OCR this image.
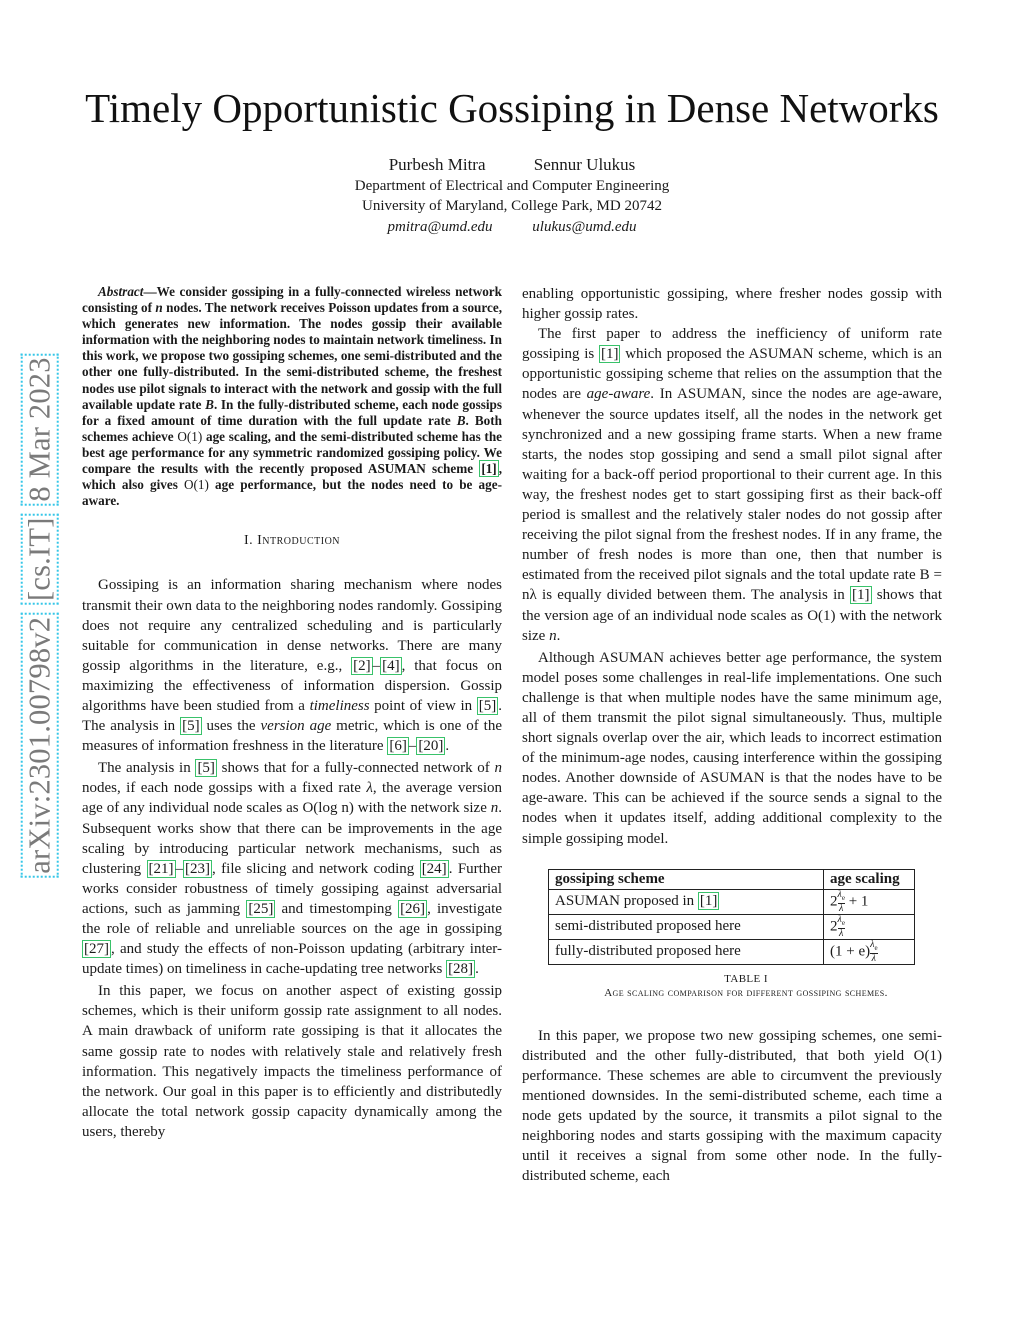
arXiv:2301.00798v2 [cs.IT] 8 Mar 2023
Timely Opportunistic Gossiping in Dense Networks
Purbesh Mitra	Sennur Ulukus
Department of Electrical and Computer Engineering
University of Maryland, College Park, MD 20742
pmitra@umd.edu	ulukus@umd.edu

Abstract—We consider gossiping in a fully-connected wireless network consisting of n nodes. The network receives Poisson updates from a source, which generates new information. The nodes gossip their available information with the neighboring nodes to maintain network timeliness. In this work, we propose two gossiping schemes, one semi-distributed and the other one fully-distributed. In the semi-distributed scheme, the freshest nodes use pilot signals to interact with the network and gossip with the full available update rate B. In the fully-distributed scheme, each node gossips for a fixed amount of time duration with the full update rate B. Both schemes achieve O(1) age scaling, and the semi-distributed scheme has the best age performance for any symmetric randomized gossiping policy. We compare the results with the recently proposed ASUMAN scheme [1] , which also gives O(1) age performance, but the nodes need to be age-aware.

I. Introduction

Gossiping is an information sharing mechanism where nodes transmit their own data to the neighboring nodes randomly. Gossiping does not require any centralized scheduling and is particularly suitable for communication in dense networks. There are many gossip algorithms in the literature, e.g., [2] – [4] , that focus on maximizing the effectiveness of information dispersion. Gossip algorithms have been studied from a timeliness point of view in [5] . The analysis in [5] uses the version age metric, which is one of the measures of information freshness in the literature [6] – [20] .

The analysis in [5] shows that for a fully-connected network of n nodes, if each node gossips with a fixed rate λ, the average version age of any individual node scales as O(log n) with the network size n. Subsequent works show that there can be improvements in the age scaling by introducing particular network mechanisms, such as clustering [21] – [23] , file slicing and network coding [24] . Further works consider robustness of timely gossiping against adversarial actions, such as jamming [25] and timestomping [26] , investigate the role of reliable and unreliable sources on the age in gossiping [27] , and study the effects of non-Poisson updating (arbitrary inter-update times) on timeliness in cache-updating tree networks [28] .

In this paper, we focus on another aspect of existing gossip schemes, which is their uniform gossip rate assignment to all nodes. A main drawback of uniform rate gossiping is that it allocates the same gossip rate to nodes with relatively stale and relatively fresh information. This negatively impacts the timeliness performance of the network. Our goal in this paper is to efficiently and distributedly allocate the total network gossip capacity dynamically among the users, thereby

enabling opportunistic gossiping, where fresher nodes gossip with higher gossip rates.

The first paper to address the inefficiency of uniform rate gossiping is [1] which proposed the ASUMAN scheme, which is an opportunistic gossiping scheme that relies on the assumption that the nodes are age-aware. In ASUMAN, since the nodes are age-aware, whenever the source updates itself, all the nodes in the network get synchronized and a new gossiping frame starts. When a new frame starts, the nodes stop gossiping and send a small pilot signal after waiting for a back-off period proportional to their current age. In this way, the freshest nodes get to start gossiping first as their back-off period is smallest and the relatively staler nodes do not gossip after receiving the pilot signal from the freshest nodes. If in any frame, the number of fresh nodes is more than one, then that number is estimated from the received pilot signals and the total update rate B = nλ is equally divided between them. The analysis in [1] shows that the version age of an individual node scales as O(1) with the network size n.

Although ASUMAN achieves better age performance, the system model poses some challenges in real-life implementations. One such challenge is that when multiple nodes have the same minimum age, all of them transmit the pilot signal simultaneously. Thus, multiple short signals overlap over the air, which leads to incorrect estimation of the minimum-age nodes, causing interference within the gossiping nodes. Another downside of ASUMAN is that the nodes have to be age-aware. This can be achieved if the source sends a signal to the nodes when it updates itself, adding additional complexity to the simple gossiping model.

gossiping scheme	age scaling
ASUMAN proposed in [1]	$2 \frac{\lambda_e}{\lambda} + 1$
semi-distributed proposed here	$2 \frac{\lambda_e}{\lambda}$

fully-distributed proposed here	$(1 + e) \frac{\lambda_e}{\lambda}$
TABLE I
Age scaling comparison for different gossiping schemes.

In this paper, we propose two new gossiping schemes, one semi-distributed and the other fully-distributed, that both yield O(1) performance. These schemes are able to circumvent the previously mentioned downsides. In the semi-distributed scheme, each time a node gets updated by the source, it transmits a pilot signal to the neighboring nodes and starts gossiping with the maximum capacity until it receives a signal from some other node. In the fully-distributed scheme, each
